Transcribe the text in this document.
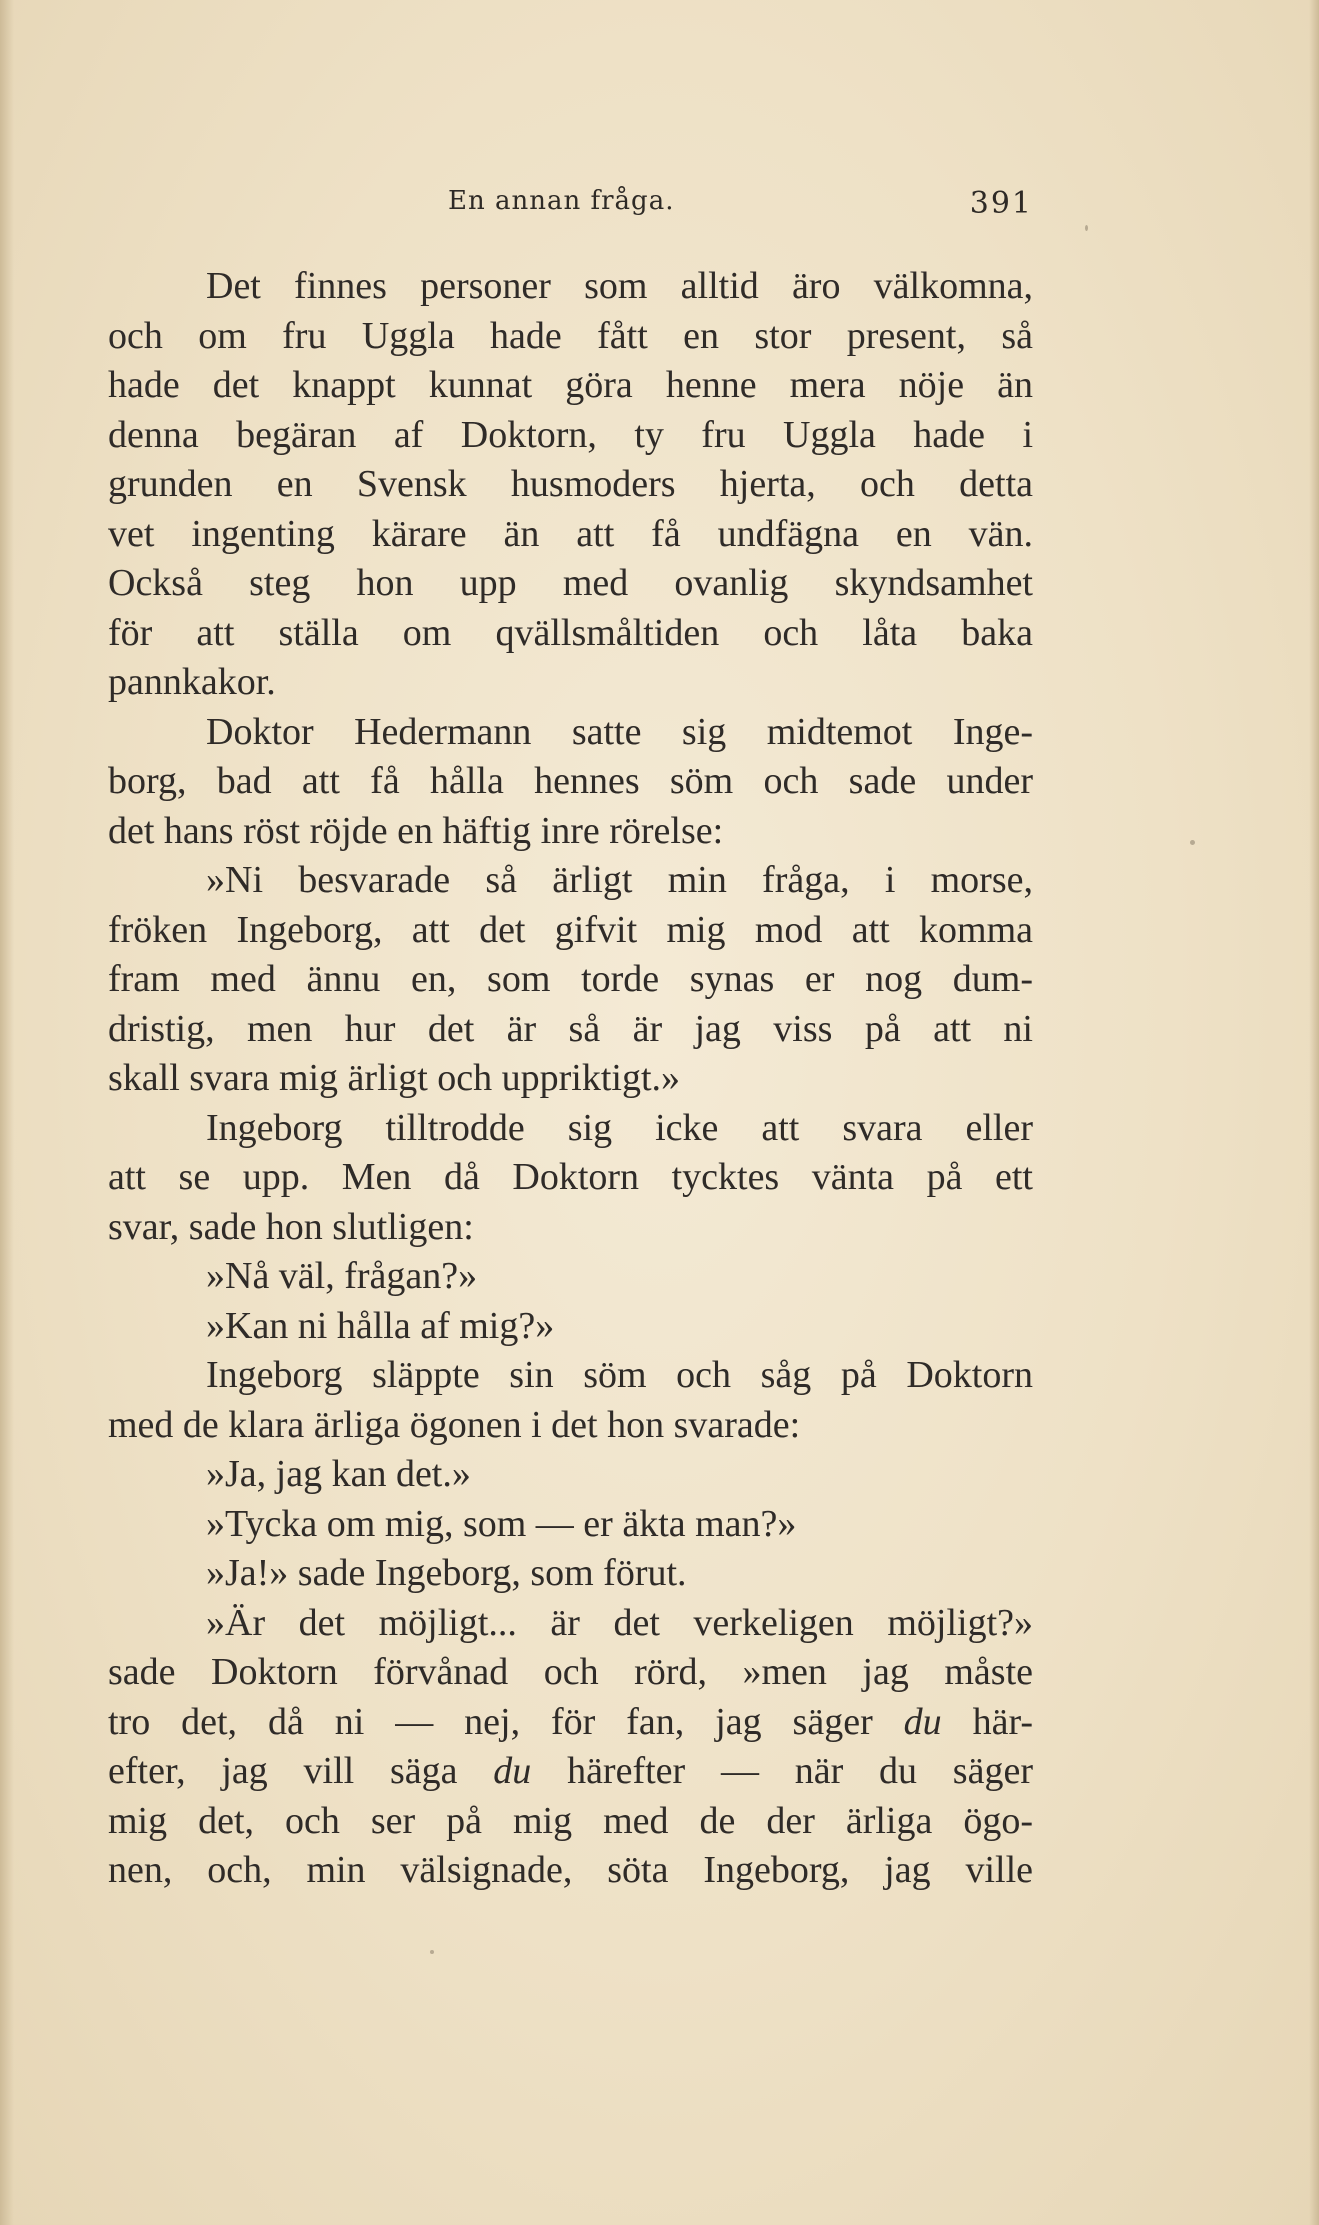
En annan fråga.	391
Det finnes personer som alltid äro välkomna,
och om fru Uggla hade fått en stor present, så
hade det knappt kunnat göra henne mera nöje än
denna begäran af Doktorn, ty fru Uggla hade i
grunden en Svensk husmoders hjerta, och detta
vet ingenting kärare än att få undfägna en vän.
Också steg hon upp med ovanlig skyndsamhet
för att ställa om qvällsmåltiden och låta baka
pannkakor.
Doktor Hedermann satte sig midtemot Inge-
borg, bad att få hålla hennes söm och sade under
det hans röst röjde en häftig inre rörelse:
»Ni besvarade så ärligt min fråga, i morse,
fröken Ingeborg, att det gifvit mig mod att komma
fram med ännu en, som torde synas er nog dum-
dristig, men hur det är så är jag viss på att ni
skall svara mig ärligt och uppriktigt.»
Ingeborg tilltrodde sig icke att svara eller
att se upp. Men då Doktorn tycktes vänta på ett
svar, sade hon slutligen:
»Nå väl, frågan?»
»Kan ni hålla af mig?»
Ingeborg släppte sin söm och såg på Doktorn
med de klara ärliga ögonen i det hon svarade:
»Ja, jag kan det.»
»Tycka om mig, som — er äkta man?»
»Ja!» sade Ingeborg, som förut.
»Är det möjligt... är det verkeligen möjligt?»
sade Doktorn förvånad och rörd, »men jag måste
tro det, då ni — nej, för fan, jag säger du här-
efter, jag vill säga du härefter — när du säger
mig det, och ser på mig med de der ärliga ögo-
nen, och, min välsignade, söta Ingeborg, jag ville
